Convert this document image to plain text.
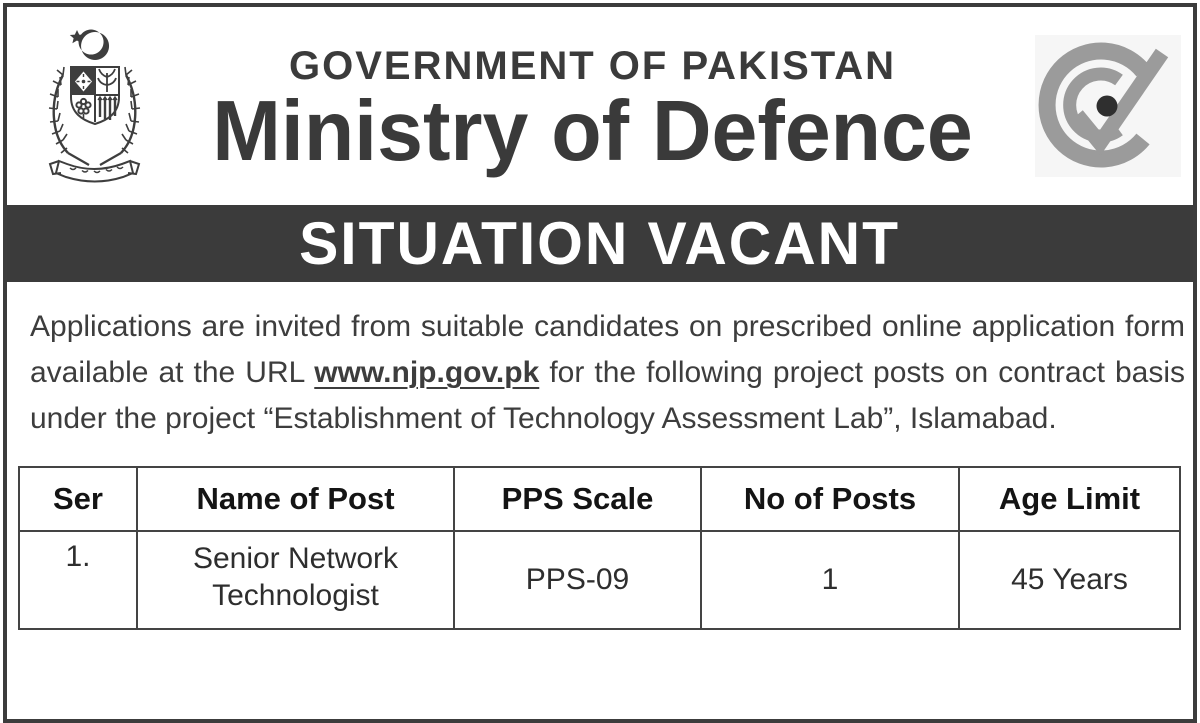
GOVERNMENT OF PAKISTAN
Ministry of Defence
SITUATION VACANT

Applications are invited from suitable candidates on prescribed online application form available at the URL www.njp.gov.pk for the following project posts on contract basis under the project “Establishment of Technology Assessment Lab”, Islamabad.

Ser	Name of Post	PPS Scale	No of Posts	Age Limit
1.	Senior Network Technologist	PPS-09	1	45 Years
